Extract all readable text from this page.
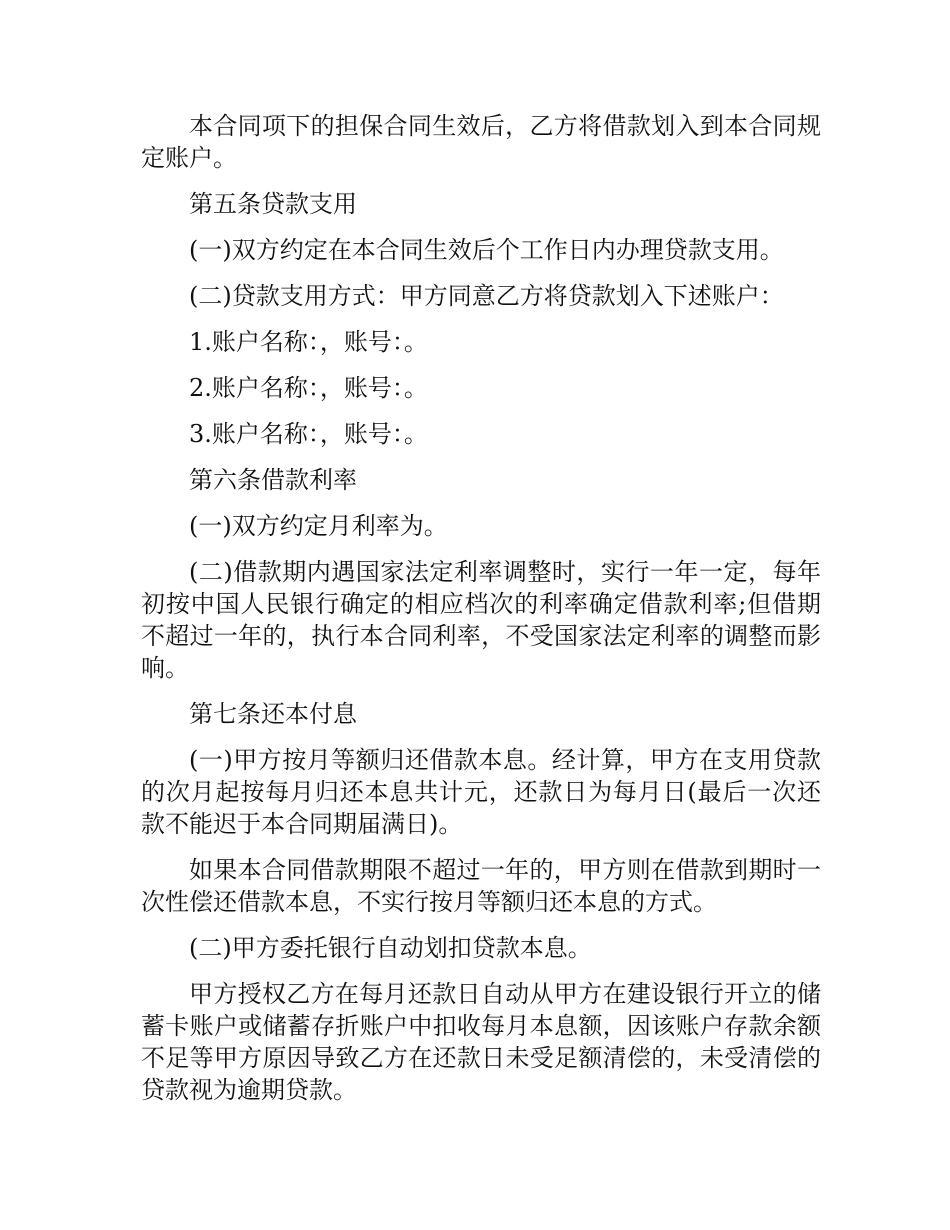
本合同项下的担保合同生效后，乙方将借款划入到本合同规定账户。

第五条贷款支用

(一)双方约定在本合同生效后个工作日内办理贷款支用。

(二)贷款支用方式：甲方同意乙方将贷款划入下述账户：

1.账户名称：，账号：。

2.账户名称：，账号：。

3.账户名称：，账号：。

第六条借款利率

(一)双方约定月利率为。

(二)借款期内遇国家法定利率调整时，实行一年一定，每年初按中国人民银行确定的相应档次的利率确定借款利率;但借期不超过一年的，执行本合同利率，不受国家法定利率的调整而影响。

第七条还本付息

(一)甲方按月等额归还借款本息。经计算，甲方在支用贷款的次月起按每月归还本息共计元，还款日为每月日(最后一次还款不能迟于本合同期届满日)。

如果本合同借款期限不超过一年的，甲方则在借款到期时一次性偿还借款本息，不实行按月等额归还本息的方式。

(二)甲方委托银行自动划扣贷款本息。

甲方授权乙方在每月还款日自动从甲方在建设银行开立的储蓄卡账户或储蓄存折账户中扣收每月本息额，因该账户存款余额不足等甲方原因导致乙方在还款日未受足额清偿的，未受清偿的贷款视为逾期贷款。
